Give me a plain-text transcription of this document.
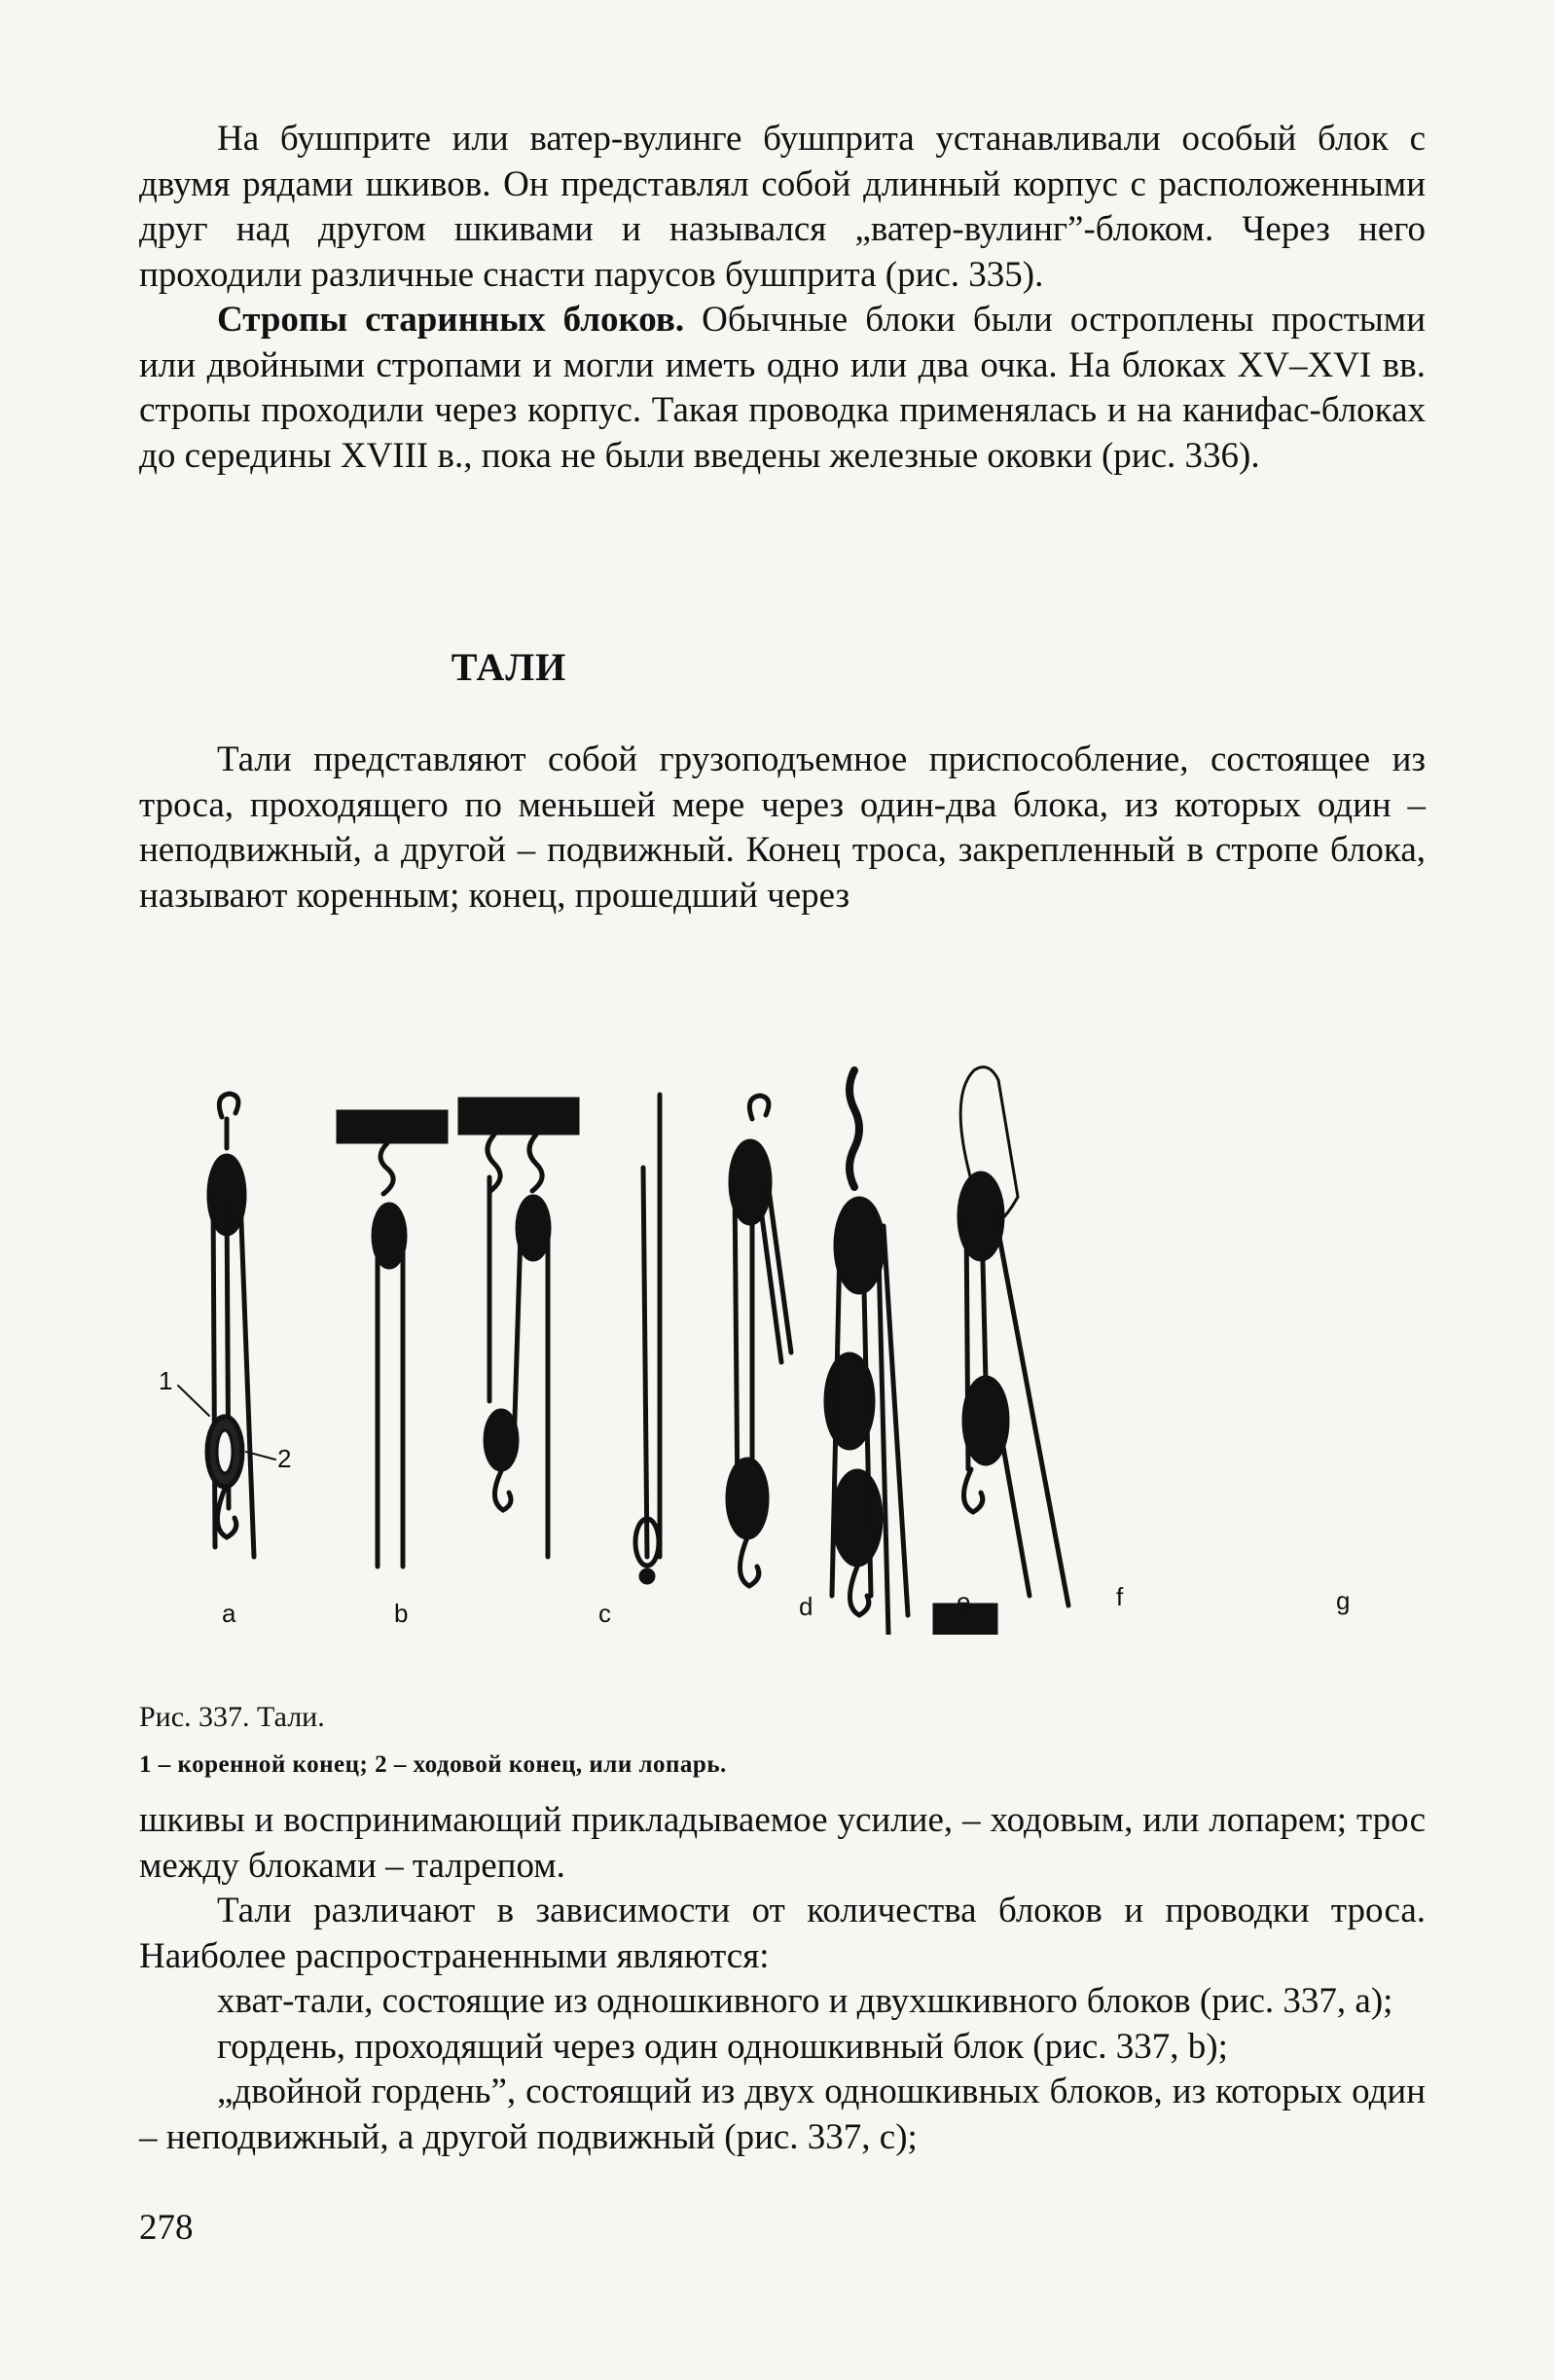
На бушприте или ватер-вулинге бушприта устанавливали особый блок с двумя рядами шкивов. Он представлял собой длинный корпус с расположенными друг над другом шкивами и назывался „ватер-вулинг”-блоком. Через него проходили различные снасти парусов бушприта (рис. 335).

Стропы старинных блоков. Обычные блоки были остроплены простыми или двойными стропами и могли иметь одно или два очка. На блоках XV–XVI вв. стропы проходили через корпус. Такая проводка применялась и на канифас-блоках до середины XVIII в., пока не были введены железные оковки (рис. 336).

ТАЛИ

Тали представляют собой грузоподъемное приспособление, состоящее из троса, проходящего по меньшей мере через один-два блока, из которых один – неподвижный, а другой – подвижный. Конец троса, закрепленный в стропе блока, называют коренным; конец, прошедший через

1
2
a	b	c	d	e	f	g
Рис. 337. Тали.
1 – коренной конец; 2 – ходовой конец, или лопарь.

шкивы и воспринимающий прикладываемое усилие, – ходовым, или лопарем; трос между блоками – талрепом.

Тали различают в зависимости от количества блоков и проводки троса. Наиболее распространенными являются:

хват-тали, состоящие из одношкивного и двухшкивного блоков (рис. 337, а);

гордень, проходящий через один одношкивный блок (рис. 337, b);

„двойной гордень”, состоящий из двух одношкивных блоков, из которых один – неподвижный, а другой подвижный (рис. 337, с);

278
